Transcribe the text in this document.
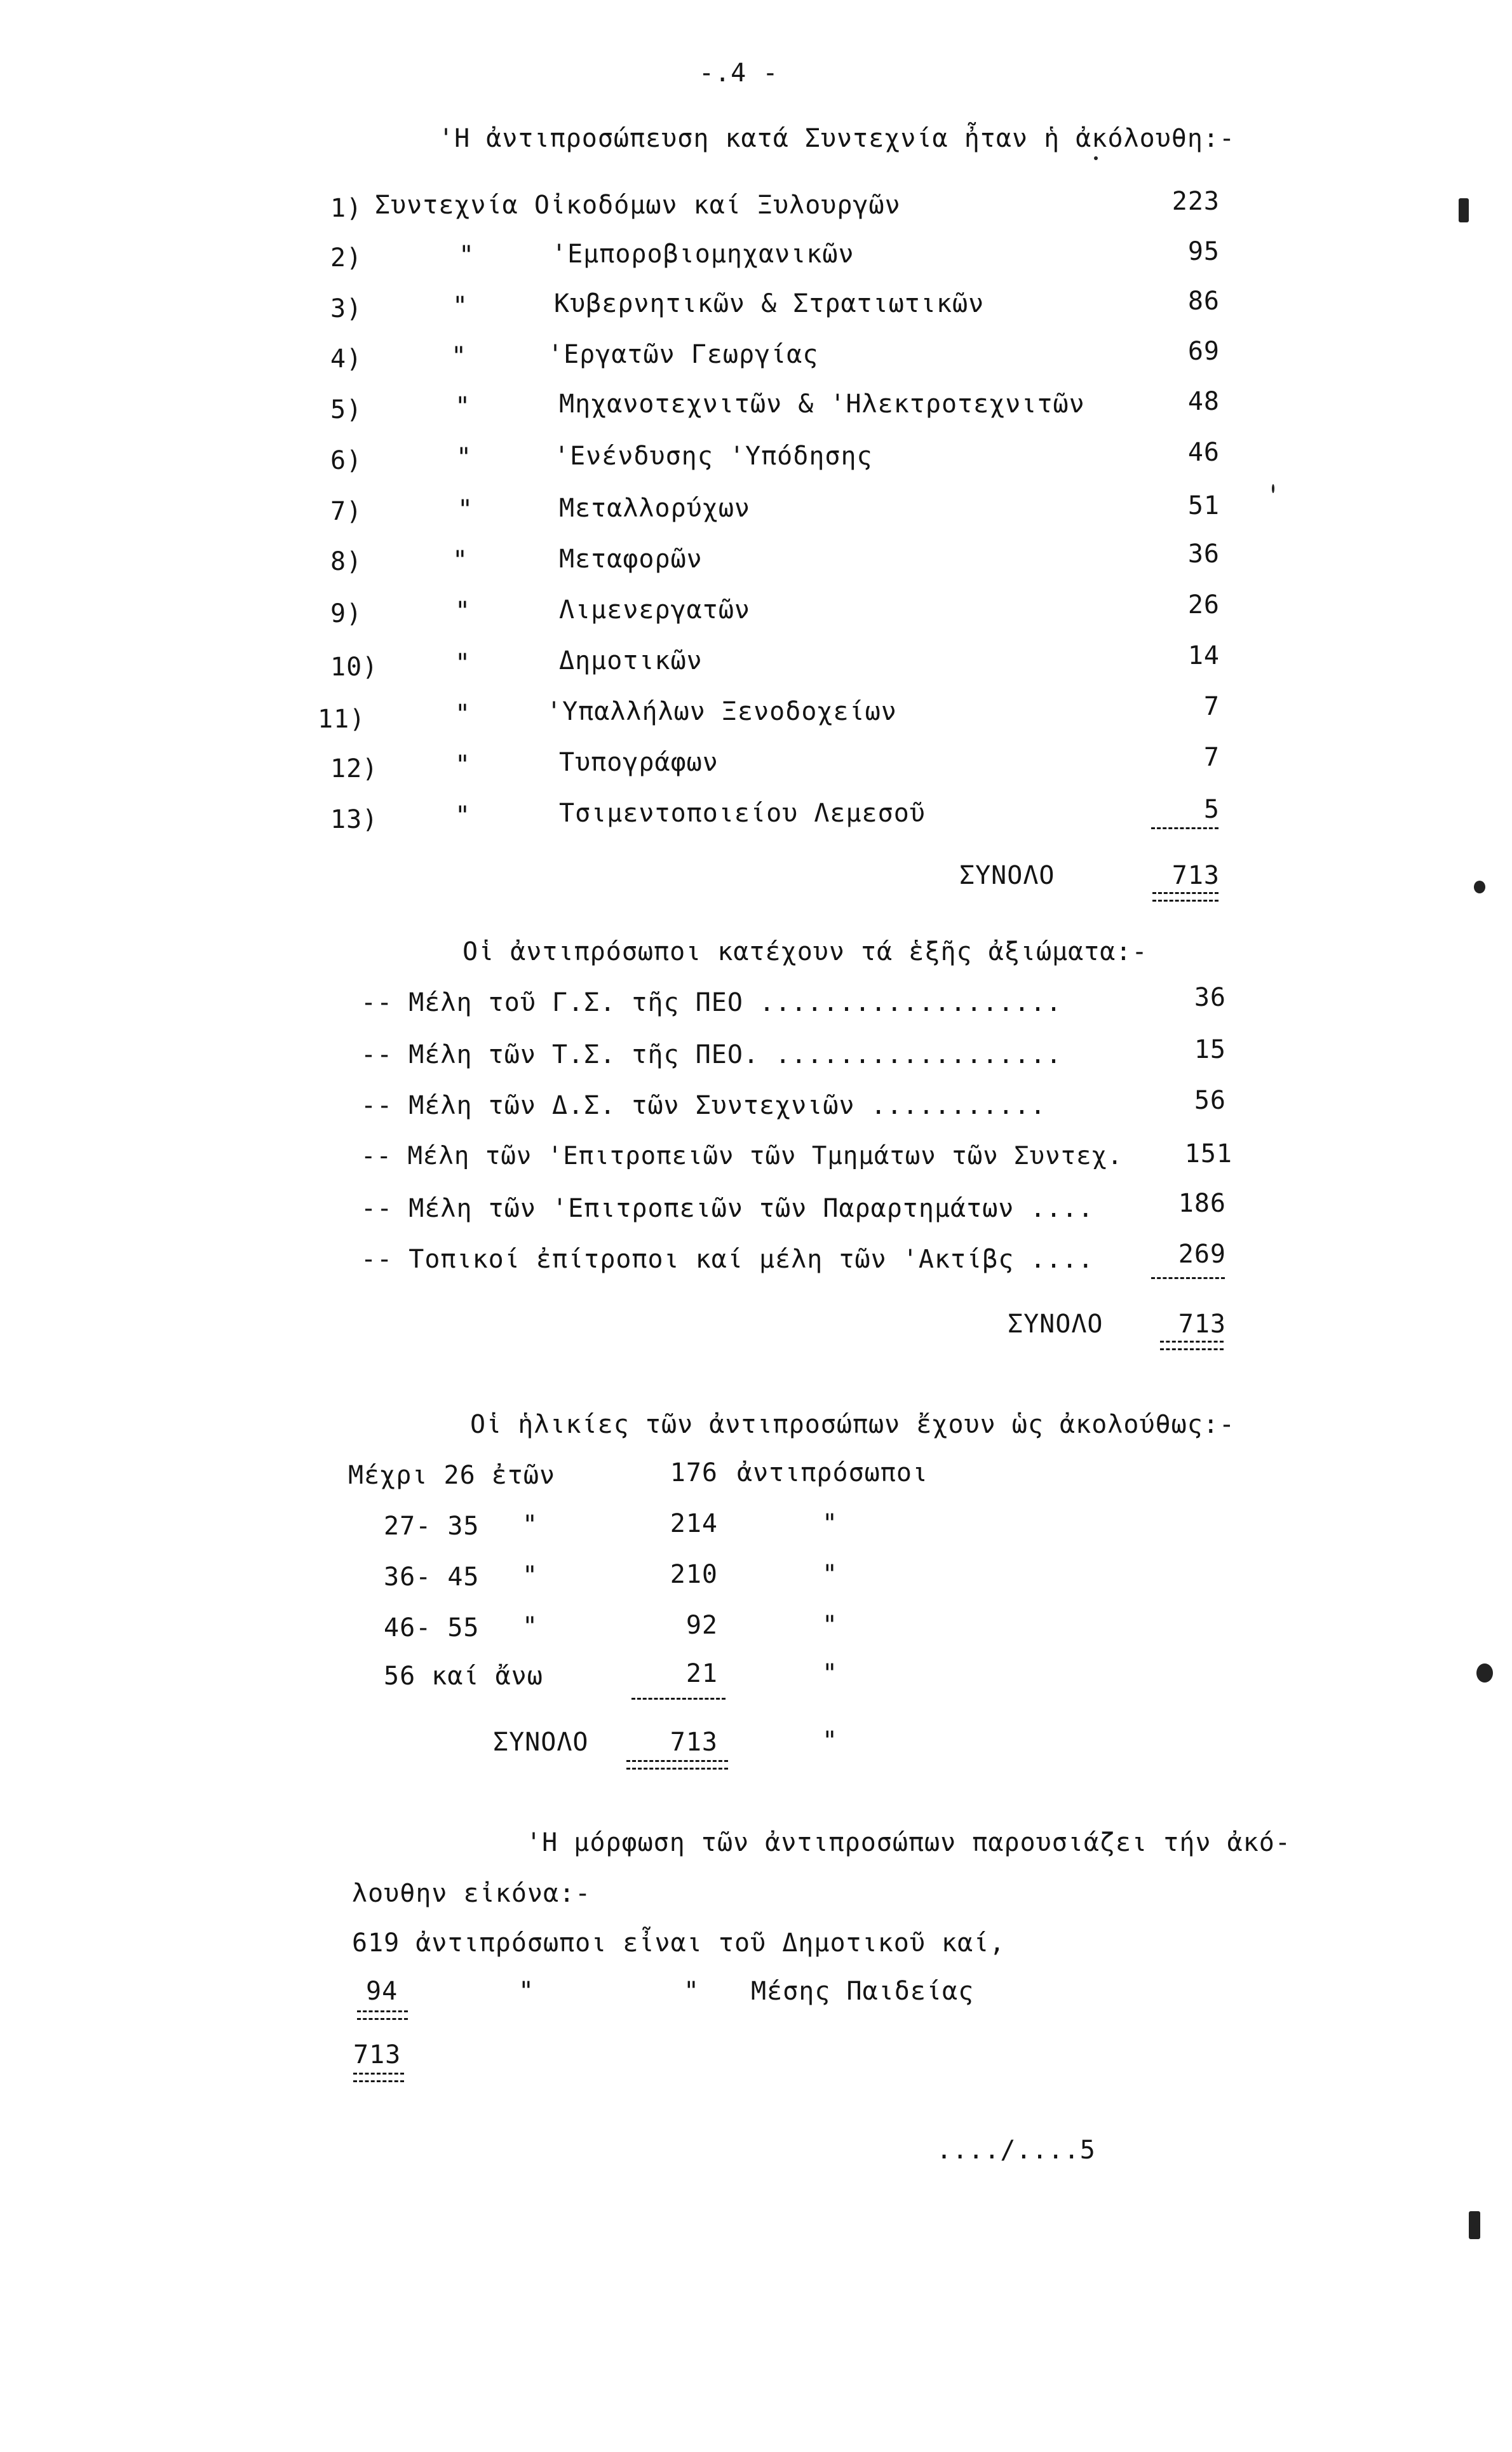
-.4 -
'Η ἀντιπροσώπευση κατά Συντεχνία ἦταν ἡ ἀκόλουθη:-
1) Συντεχνία Οἰκοδόμων καί Ξυλουργῶν	223
2)	"	'Εμποροβιομηχανικῶν	95
3)	"	Κυβερνητικῶν & Στρατιωτικῶν	86
4)	"	'Εργατῶν Γεωργίας	69
5)	"	Μηχανοτεχνιτῶν & 'Ηλεκτροτεχνιτῶν	48
6)	"	'Ενένδυσης 'Υπόδησης	46
7)	"	Μεταλλορύχων	51
8)	"	Μεταφορῶν	36
9)	"	Λιμενεργατῶν	26
10)	"	Δημοτικῶν	14
11)	"	'Υπαλλήλων Ξενοδοχείων	7
12)	"	Τυπογράφων	7
13)	"	Τσιμεντοποιείου Λεμεσοῦ	5
ΣΥΝΟΛΟ	713
Οἱ ἀντιπρόσωποι κατέχουν τά ἑξῆς ἀξιώματα:-
-- Μέλη τοῦ Γ.Σ. τῆς ΠΕΟ ...................	36
-- Μέλη τῶν Τ.Σ. τῆς ΠΕΟ. ..................	15
-- Μέλη τῶν Δ.Σ. τῶν Συντεχνιῶν ...........	56
-- Μέλη τῶν 'Επιτροπειῶν τῶν Τμημάτων τῶν Συντεχ.	151
-- Μέλη τῶν 'Επιτροπειῶν τῶν Παραρτημάτων ....	186
-- Τοπικοί ἐπίτροποι καί μέλη τῶν 'Ακτίβς ....	269
ΣΥΝΟΛΟ	713
Οἱ ἡλικίες τῶν ἀντιπροσώπων ἔχουν ὡς ἀκολούθως:-
Μέχρι 26 ἐτῶν	176 ἀντιπρόσωποι
27- 35 "	214	"
36- 45 "	210	"
46- 55 "	92	"
56 καί ἄνω	21	"
ΣΥΝΟΛΟ	713	"
'Η μόρφωση τῶν ἀντιπροσώπων παρουσιάζει τήν ἀκό-
λουθην εἰκόνα:-
619 ἀντιπρόσωποι εἶναι τοῦ Δημοτικοῦ καί,
94	"	" Μέσης Παιδείας
713
..../....5
